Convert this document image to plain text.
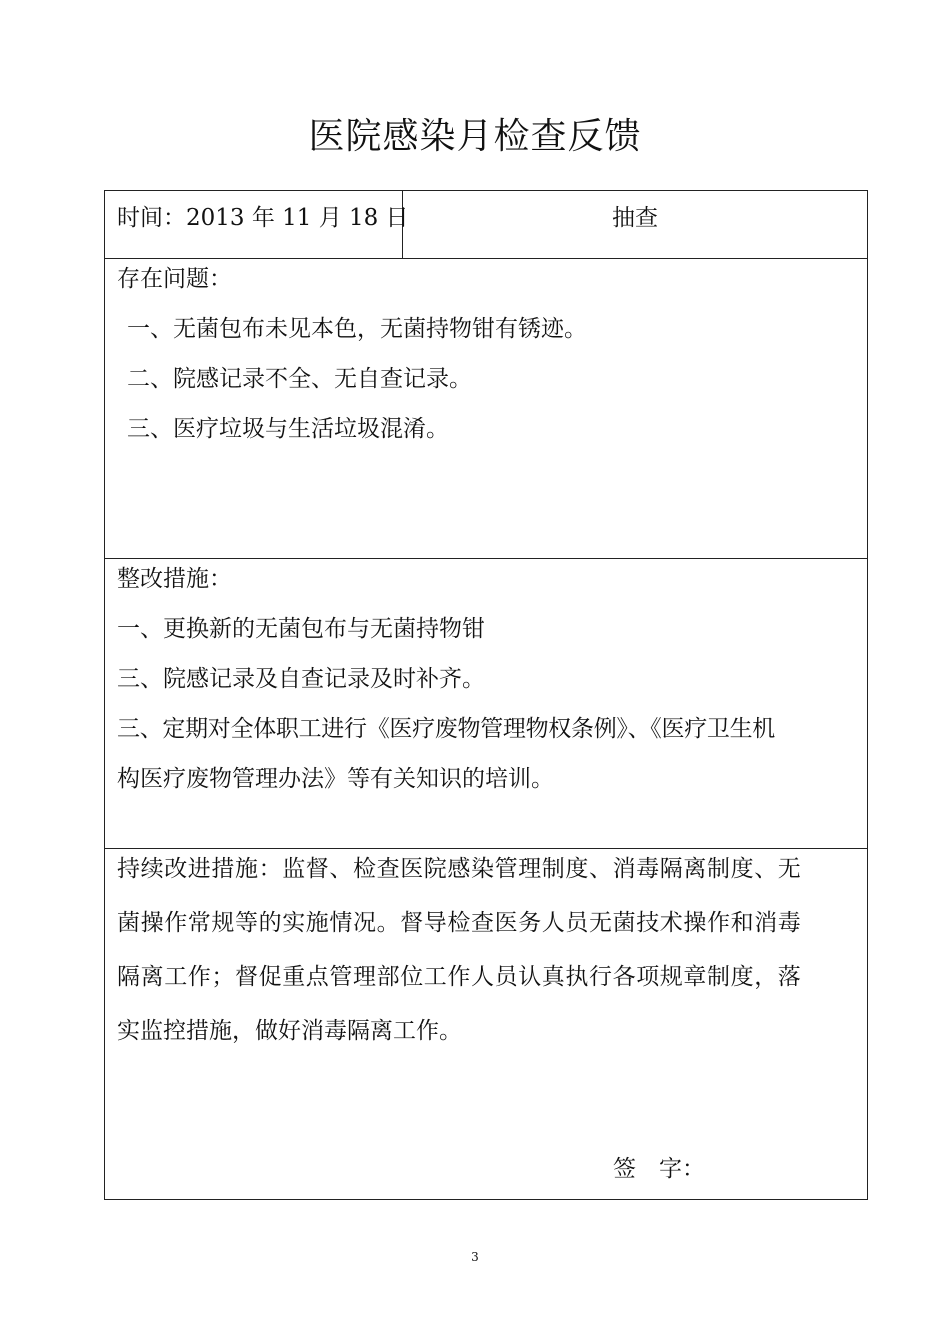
医院感染月检查反馈
时间：2013 年 11 月 18 日	抽查
存在问题：
一、无菌包布未见本色，无菌持物钳有锈迹。
二、院感记录不全、无自查记录。
三、医疗垃圾与生活垃圾混淆。
整改措施：
一、更换新的无菌包布与无菌持物钳
三、院感记录及自查记录及时补齐。
三、定期对全体职工进行《医疗废物管理物权条例》、《医疗卫生机
构医疗废物管理办法》等有关知识的培训。
持续改进措施：监督、检查医院感染管理制度、消毒隔离制度、无
菌操作常规等的实施情况。督导检查医务人员无菌技术操作和消毒
隔离工作；督促重点管理部位工作人员认真执行各项规章制度，落
实监控措施，做好消毒隔离工作。
签　字：
3
